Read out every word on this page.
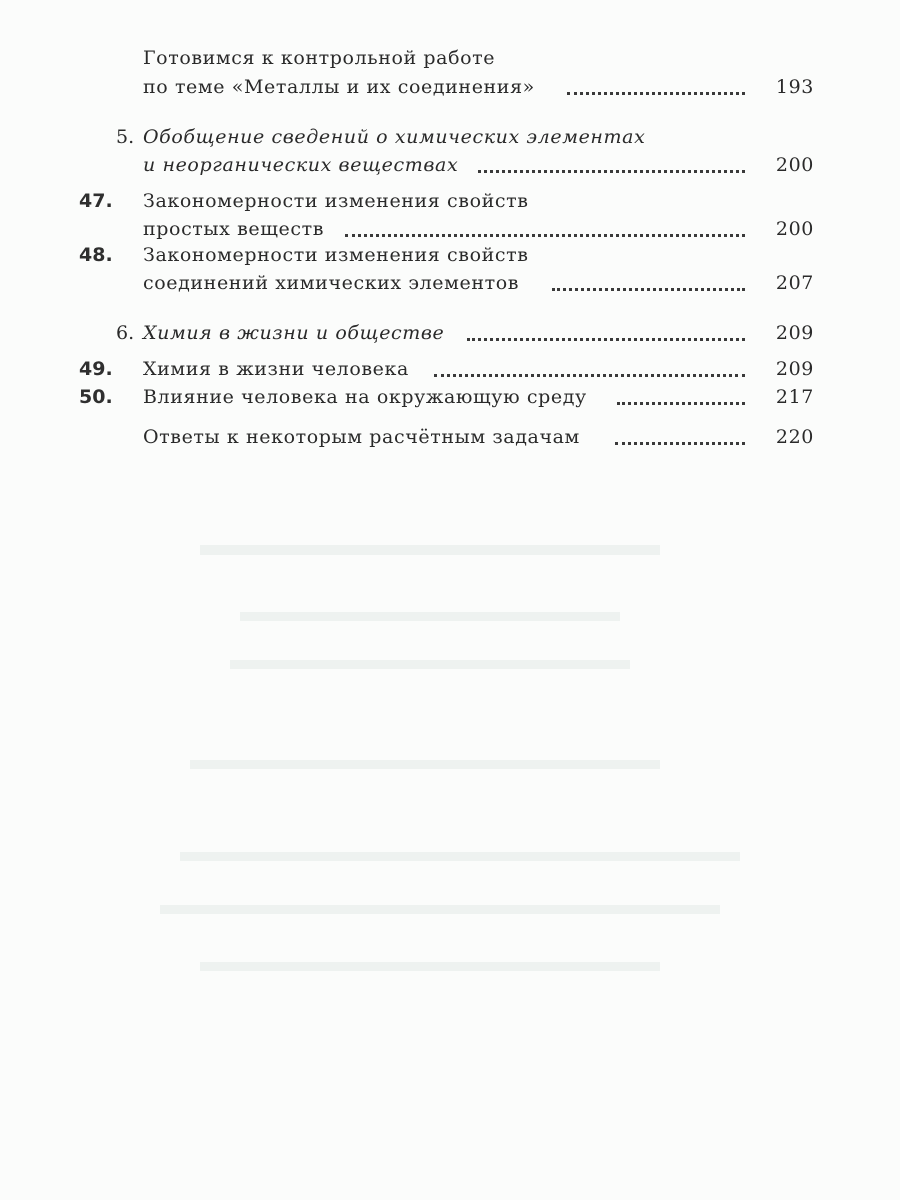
Готовимся к контрольной работе
по теме «Металлы и их соединения»	193
5. Обобщение сведений о химических элементах
и неорганических веществах	200
47. Закономерности изменения свойств
простых веществ	200
48. Закономерности изменения свойств
соединений химических элементов	207
6. Химия в жизни и обществе	209
49. Химия в жизни человека	209
50. Влияние человека на окружающую среду	217
Ответы к некоторым расчётным задачам	220
